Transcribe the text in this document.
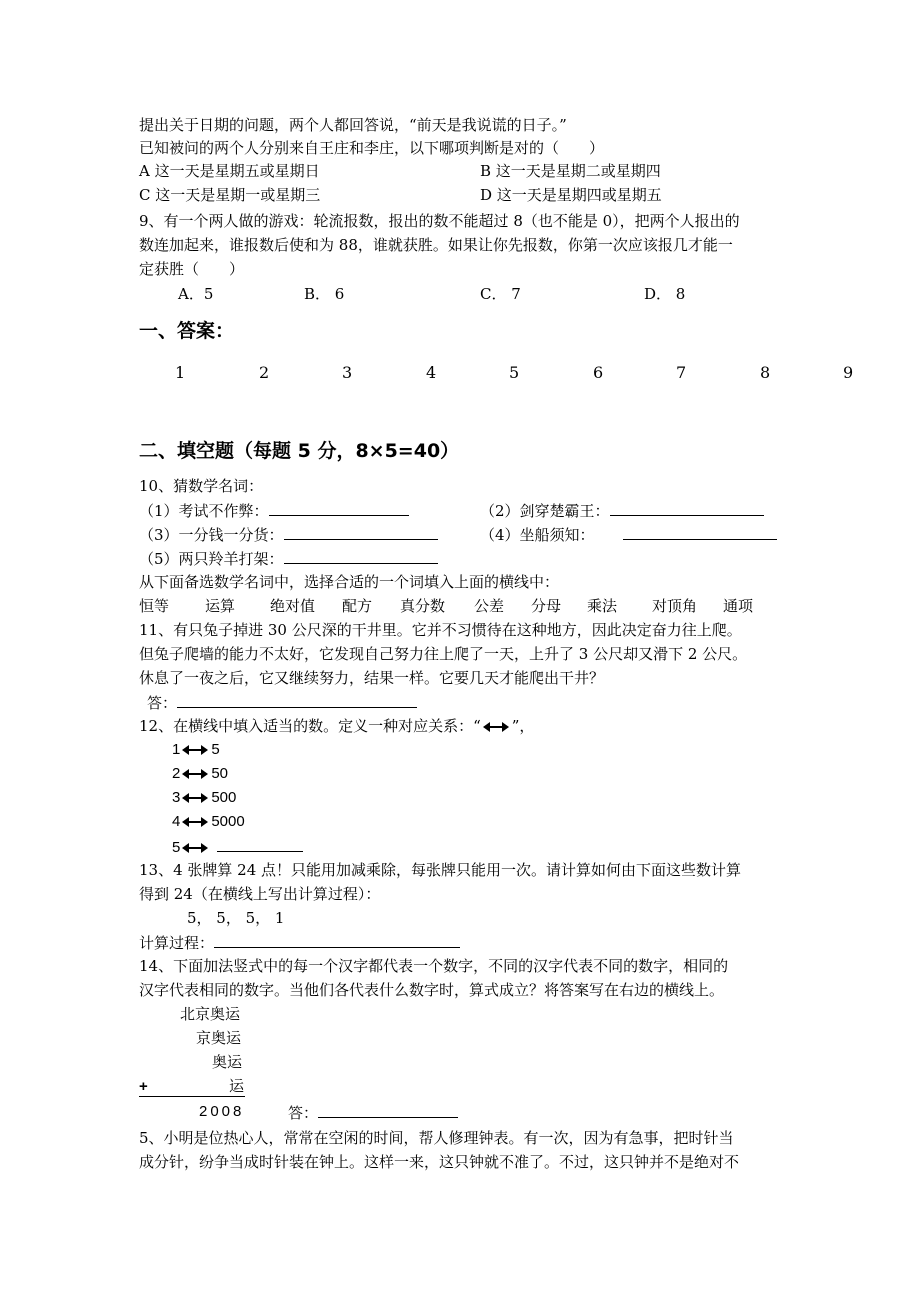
提出关于日期的问题，两个人都回答说，“前天是我说谎的日子。”
已知被问的两个人分别来自王庄和李庄，以下哪项判断是对的（　　）
A 这一天是星期五或星期日	B 这一天是星期二或星期四
C 这一天是星期一或星期三	D 这一天是星期四或星期五
9、有一个两人做的游戏：轮流报数，报出的数不能超过 8（也不能是 0），把两个人报出的
数连加起来，谁报数后使和为 88，谁就获胜。如果让你先报数，你第一次应该报几才能一
定获胜（　　）
A．5	B． 6	C． 7	D． 8
一、答案：
1	2	3	4	5	6	7	8	9
二、填空题（每题 5 分，8×5=40）
10、猜数学名词：
（1）考试不作弊：	（2）剑穿楚霸王：
（3）一分钱一分货：	（4）坐船须知：
（5）两只羚羊打架：
从下面备选数学名词中，选择合适的一个词填入上面的横线中：
恒等 运算 绝对值 配方 真分数 公差 分母 乘法 对顶角 通项
11、有只兔子掉进 30 公尺深的干井里。它并不习惯待在这种地方，因此决定奋力往上爬。
但兔子爬墙的能力不太好，它发现自己努力往上爬了一天，上升了 3 公尺却又滑下 2 公尺。
休息了一夜之后，它又继续努力，结果一样。它要几天才能爬出干井？
答：
12、在横线中填入适当的数。定义一种对应关系：“ ”，
1 5
2 50
3 500
4 5000
5
13、4 张牌算 24 点！只能用加减乘除，每张牌只能用一次。请计算如何由下面这些数计算
得到 24（在横线上写出计算过程）：
5， 5， 5， 1
计算过程：
14、下面加法竖式中的每一个汉字都代表一个数字，不同的汉字代表不同的数字，相同的
汉字代表相同的数字。当他们各代表什么数字时，算式成立？将答案写在右边的横线上。
北京奥运
京奥运
奥运
+	运
2008	答：
5、小明是位热心人，常常在空闲的时间，帮人修理钟表。有一次，因为有急事，把时针当
成分针，纷争当成时针装在钟上。这样一来，这只钟就不准了。不过，这只钟并不是绝对不
